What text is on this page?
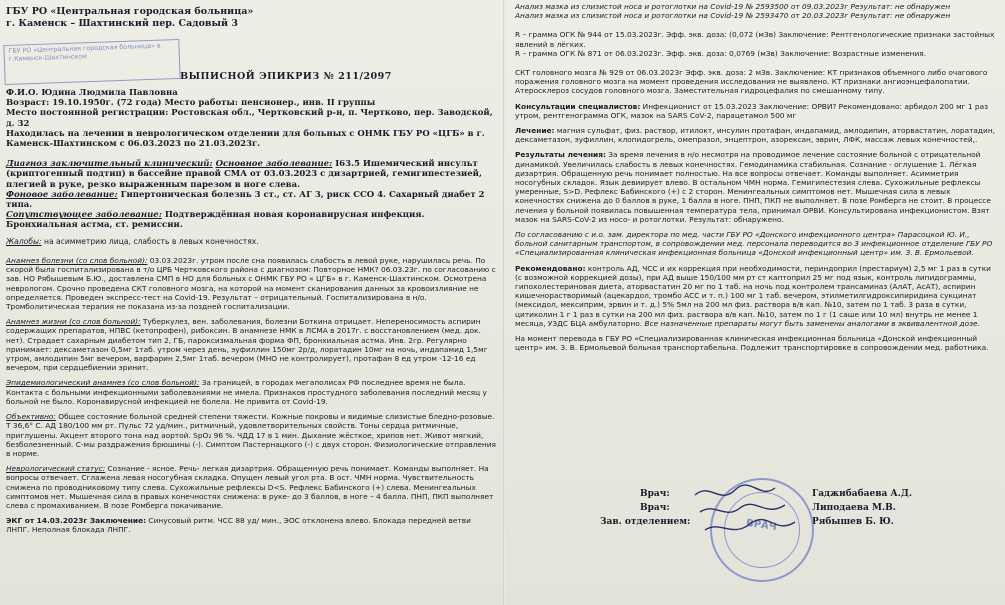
ГБУ РО «Центральная городская больница» в г.Каменск-Шахтинском

ГБУ РО «Центральная городская больница»

г. Каменск – Шахтинский пер. Садовый 3

ВЫПИСНОЙ ЭПИКРИЗ № 211/2097

Ф.И.О. Юдина Людмила Павловна

Возраст: 19.10.1950г. (72 года) Место работы: пенсионер., инв. II группы

Место постоянной регистрации: Ростовская обл., Чертковский р-н, п. Чертково, пер. Заводской, д. 32

Находилась на лечении в неврологическом отделении для больных с ОНМК ГБУ РО «ЦГБ» в г. Каменск-Шахтинском с 06.03.2023 по 21.03.2023г.

Диагноз заключительный клинический: Основное заболевание: I63.5 Ишемический инсульт (криптогенный подтип) в бассейне правой СМА от 03.03.2023 с дизартрией, гемигипестезией, плегией в руке, резко выраженным парезом в ноге слева.

Фоновое заболевание: Гипертоническая болезнь 3 ст., ст. АГ 3, риск ССО 4. Сахарный диабет 2 типа.

Сопутствующее заболевание: Подтверждённая новая коронавирусная инфекция. Бронхиальная астма, ст. ремиссии.

Жалобы: на асимметрию лица, слабость в левых конечностях.

Анамнез болезни (со слов больной): 03.03.2023г. утром после сна появилась слабость в левой руке, нарушилась речь. По скорой была госпитализирована в т/о ЦРБ Чертковского района с диагнозом: Повторное НМК? 06.03.23г. по согласованию с зав. НО Рябышевым Б.Ю., доставлена СМП в НО для больных с ОНМК ГБУ РО « ЦГБ» в г. Каменск-Шахтинском. Осмотрена неврологом. Срочно проведена СКТ головного мозга, на которой на момент сканирования данных за кровоизлияние не определяется. Проведен экспресс-тест на Covid-19. Результат – отрицательный. Госпитализирована в н/о. Тромболитическая терапия не показана из-за поздней госпитализации.

Анамнез жизни (со слов больной): Туберкулез, вен. заболевания, болезни Боткина отрицает. Непереносимость аспирин содержащих препаратов, НПВС (кетопрофен), рибоксин. В анамнезе НМК в ЛСМА в 2017г. с восстановлением (мед. док. нет). Страдает сахарным диабетом тип 2, ГБ, пароксизмальная форма ФП, бронхиальная астма. Инв. 2гр. Регулярно принимает: дексаметазон 0,5мг 1таб. утром через день, эуфиллин 150мг 2р/д, лоратадин 10мг на ночь, индапамид 1,5мг утром, амлодипин 5мг вечером, варфарин 2,5мг 1таб. вечером (МНО не контролирует), протафан 8 ед утром -12-16 ед вечером, при сердцебиении эринит.

Эпидемиологический анамнез (со слов больной): За границей, в городах мегаполисах РФ последнее время не была. Контакта с больными инфекционными заболеваниями не имела. Признаков простудного заболевания последний месяц у больной не было. Коронавирусной инфекцией не болела. Не привита от Covid-19.

Объективно: Общее состояние больной средней степени тяжести. Кожные покровы и видимые слизистые бледно-розовые. Т 36,6° С. АД 180/100 мм рт. Пульс 72 уд/мин., ритмичный, удовлетворительных свойств. Тоны сердца ритмичные, приглушены. Акцент второго тона над аортой. SpO₂ 96 %. ЧДД 17 в 1 мин. Дыхание жёсткое, хрипов нет. Живот мягкий, безболезненный. С-мы раздражения брюшины (-). Симптом Пастернацкого (-) с двух сторон. Физиологические отправления в норме.

Неврологический статус: Сознание - ясное. Речь- легкая дизартрия. Обращенную речь понимает. Команды выполняет. На вопросы отвечает. Сглажена левая носогубная складка. Опущен левый угол рта. В ост. ЧМН норма. Чувствительность снижена по проводниковому типу слева. Сухожильные рефлексы D<S. Рефлекс Бабинского (+) слева. Менингеальных симптомов нет. Мышечная сила в правых конечностях снижена: в руке- до 3 баллов, в ноге – 4 балла. ПНП, ПКП выполняет слева с промахиванием. В позе Ромберга покачивание.

ЭКГ от 14.03.2023г Заключение: Синусовый ритм. ЧСС 88 уд/ мин., ЭОС отклонена влево. Блокада передней ветви ЛНПГ. Неполная блокада ЛНПГ.

Анализ мазка из слизистой носа и ротоглотки на Covid-19 № 2593500 от 09.03.2023г Результат: не обнаружен

Анализ мазка из слизистой носа и ротоглотки на Covid-19 № 2593470 от 20.03.2023г Результат: не обнаружен

R – грамма ОГК № 944 от 15.03.2023г. Эфф. экв. доза: (0,072 (мЗв) Заключение: Рентгенологические признаки застойных явлений в лёгких.

R – грамма ОГК № 871 от 06.03.2023г. Эфф. экв. доза: 0,0769 (мЗв) Заключение: Возрастные изменения.

СКТ головного мозга № 929 от 06.03.2023г Эфф. экв. доза: 2 мЗв. Заключение: КТ признаков объемного либо очагового поражения головного мозга на момент проведения исследования не выявлено. КТ признаки ангиоэнцефалопатии. Атеросклероз сосудов головного мозга. Заместительная гидроцефалия по смешанному типу.

Консультации специалистов: Инфекционист от 15.03.2023 Заключение: ОРВИ? Рекомендовано: арбидол 200 мг 1 раз утром, рентгенограмма ОГК, мазок на SARS CoV-2, парацетамол 500 мг

Лечение: магния сульфат, физ. раствор, итилокт, инсулин протафан, индапамид, амлодипин, аторвастатин, лоратадин, дексаметазон, эуфиллин, клопидогрель, омепразол, энцептрон, азорексан, эврин, ЛФК, массаж левых конечностей,.

Результаты лечения: За время лечения в н/о несмотря на проводимое лечение состояние больной с отрицательной динамикой. Увеличилась слабость в левых конечностях. Гемодинамика стабильная. Сознание - оглушение 1. Лёгкая дизартрия. Обращенную речь понимает полностью. На все вопросы отвечает. Команды выполняет. Асимметрия носогубных складок. Язык девиирует влево. В остальном ЧМН норма. Гемигипестезия слева. Сухожильные рефлексы умеренные, S>D. Рефлекс Бабинского (+) с 2 сторон. Менингеальных симптомов нет. Мышечная сила в левых конечностях снижена до 0 баллов в руке, 1 балла в ноге. ПНП, ПКП не выполняет. В позе Ромберга не стоит. В процессе лечения у больной появилась повышенная температура тела, принимал ОРВИ. Консультирована инфекционистом. Взят мазок на SARS-CoV-2 из носо- и ротоглотки. Результат: обнаружено.

По согласованию с и.о. зам. директора по мед. части ГБУ РО «Донского инфекционного центра» Парасоцкой Ю. И., больной санитарным транспортом, в сопровождении мед. персонала переводится во 3 инфекционное отделение ГБУ РО «Специализированная клиническая инфекционная больница «Донской инфекционный центр» им. З. В. Ермольевой.

Рекомендовано: контроль АД, ЧСС и их коррекция при необходимости, периндоприл (престариум) 2,5 мг 1 раз в сутки (с возможной коррекцией дозы), при АД выше 150/100 мм рт ст каптоприл 25 мг под язык, контроль липидограммы, гипохолестериновая диета, аторвастатин 20 мг по 1 таб. на ночь под контролем трансаминаз (АлАТ, АсАТ), аспирин кишечнорастворимый (ацекардол, тромбо АСС и т. п.) 100 мг 1 таб. вечером, этилметилгидроксипиридина сукцинат (мексидол, мексиприм, эрвин и т. д.) 5% 5мл на 200 мл физ. раствора в/в кап. №10, затем по 1 таб. 3 раза в сутки, цитиколин 1 г 1 раз в сутки на 200 мл физ. раствора в/в кап. №10, затем по 1 г (1 саше или 10 мл) внутрь не менее 1 месяца, УЗДС БЦА амбулаторно. Все назначенные препараты могут быть заменены аналогами в эквивалентной дозе.

На момент перевода в ГБУ РО «Специализированная клиническая инфекционная больница «Донской инфекционный центр» им. З. В. Ермольевой больная транспортабельна. Подлежит транспортировке в сопровождении мед. работника.

Врач:
Врач:
Зав. отделением:
Гаджибабаева А.Д.
Липодаева М.В.
Рябышев Б. Ю.
ВРАЧ
